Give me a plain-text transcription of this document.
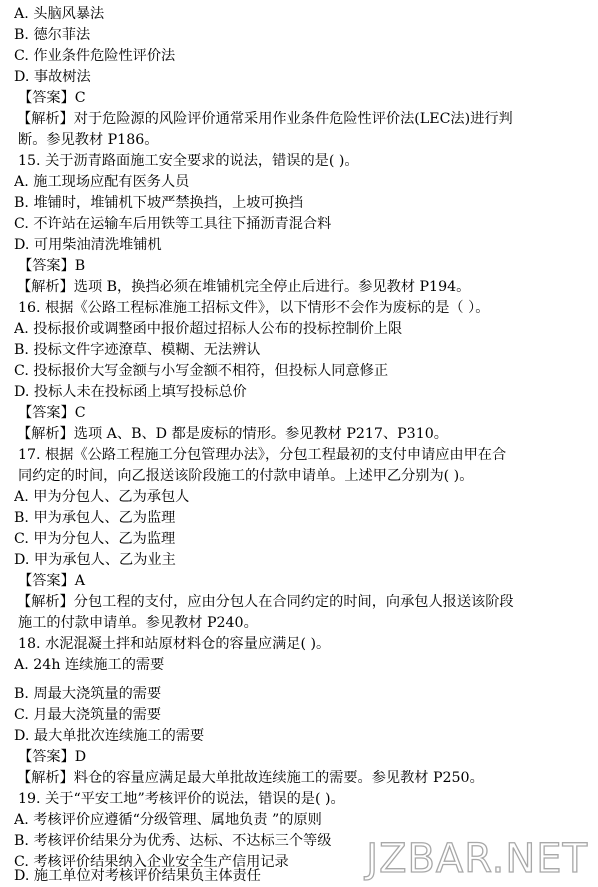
A. 头脑风暴法
B. 德尔菲法
C. 作业条件危险性评价法
D. 事故树法
【答案】C
【解析】对于危险源的风险评价通常采用作业条件危险性评价法(LEC法)进行判
断。参见教材 P186。
15. 关于沥青路面施工安全要求的说法，错误的是( )。
A. 施工现场应配有医务人员
B. 堆铺时，堆铺机下坡严禁换挡，上坡可换挡
C. 不许站在运输车后用铁等工具往下捅沥青混合料
D. 可用柴油清洗堆铺机
【答案】B
【解析】选项 B，换挡必须在堆铺机完全停止后进行。参见教材 P194。
16. 根据《公路工程标准施工招标文件》，以下情形不会作为废标的是（ ）。
A. 投标报价或调整函中报价超过招标人公布的投标控制价上限
B. 投标文件字迹潦草、模糊、无法辨认
C. 投标报价大写金额与小写金额不相符，但投标人同意修正
D. 投标人未在投标函上填写投标总价
【答案】C
【解析】选项 A、B、D 都是废标的情形。参见教材 P217、P310。
17. 根据《公路工程施工分包管理办法》，分包工程最初的支付申请应由甲在合
同约定的时间，向乙报送该阶段施工的付款申请单。上述甲乙分别为( )。
A. 甲为分包人、乙为承包人
B. 甲为承包人、乙为监理
C. 甲为分包人、乙为监理
D. 甲为承包人、乙为业主
【答案】A
【解析】分包工程的支付，应由分包人在合同约定的时间，向承包人报送该阶段
施工的付款申请单。参见教材 P240。
18. 水泥混凝土拌和站原材料仓的容量应满足( )。
A. 24h 连续施工的需要
B. 周最大浇筑量的需要
C. 月最大浇筑量的需要
D. 最大单批次连续施工的需要
【答案】D
【解析】料仓的容量应满足最大单批故连续施工的需要。参见教材 P250。
19. 关于“平安工地”考核评价的说法，错误的是( )。
A. 考核评价应遵循“分级管理、属地负责 ”的原则
B. 考核评价结果分为优秀、达标、不达标三个等级
C. 考核评价结果纳入企业安全生产信用记录
D. 施工单位对考核评价结果负主体责任	JZBAR.NET
